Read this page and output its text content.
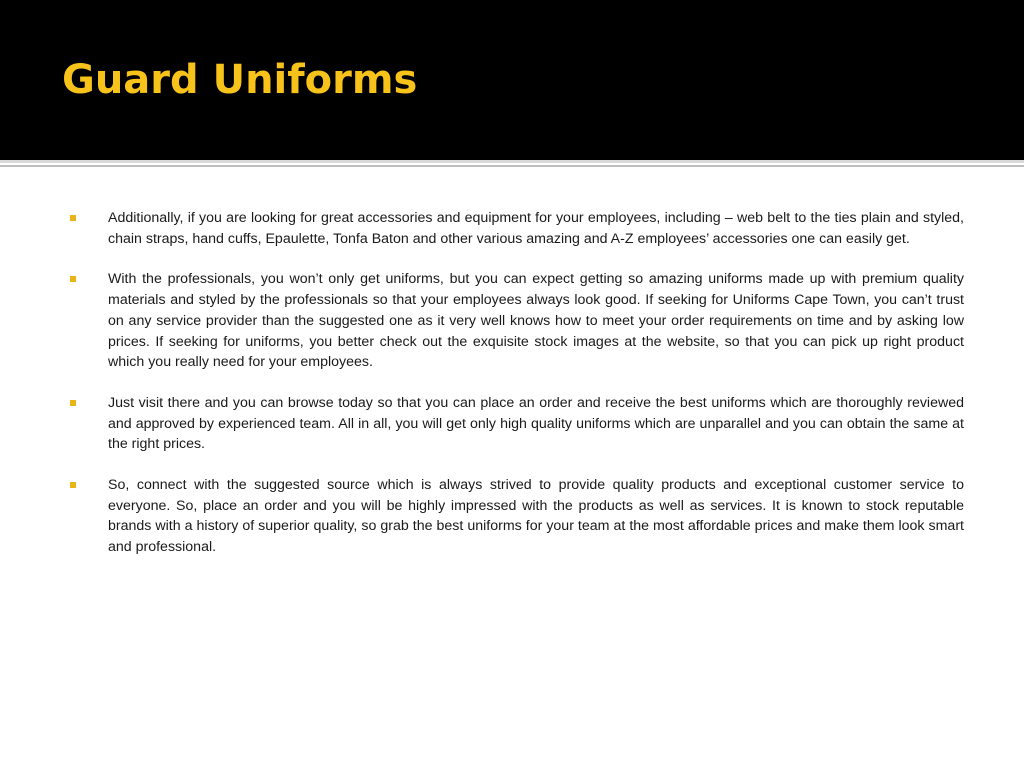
Guard Uniforms
Additionally, if you are looking for great accessories and equipment for your employees, including – web belt to the ties plain and styled, chain straps, hand cuffs, Epaulette, Tonfa Baton and other various amazing and A-Z employees’ accessories one can easily get.
With the professionals, you won’t only get uniforms, but you can expect getting so amazing uniforms made up with premium quality materials and styled by the professionals so that your employees always look good. If seeking for Uniforms Cape Town, you can’t trust on any service provider than the suggested one as it very well knows how to meet your order requirements on time and by asking low prices. If seeking for uniforms, you better check out the exquisite stock images at the website, so that you can pick up right product which you really need for your employees.
Just visit there and you can browse today so that you can place an order and receive the best uniforms which are thoroughly reviewed and approved by experienced team. All in all, you will get only high quality uniforms which are unparallel and you can obtain the same at the right prices.
So, connect with the suggested source which is always strived to provide quality products and exceptional customer service to everyone. So, place an order and you will be highly impressed with the products as well as services. It is known to stock reputable brands with a history of superior quality, so grab the best uniforms for your team at the most affordable prices and make them look smart and professional.
